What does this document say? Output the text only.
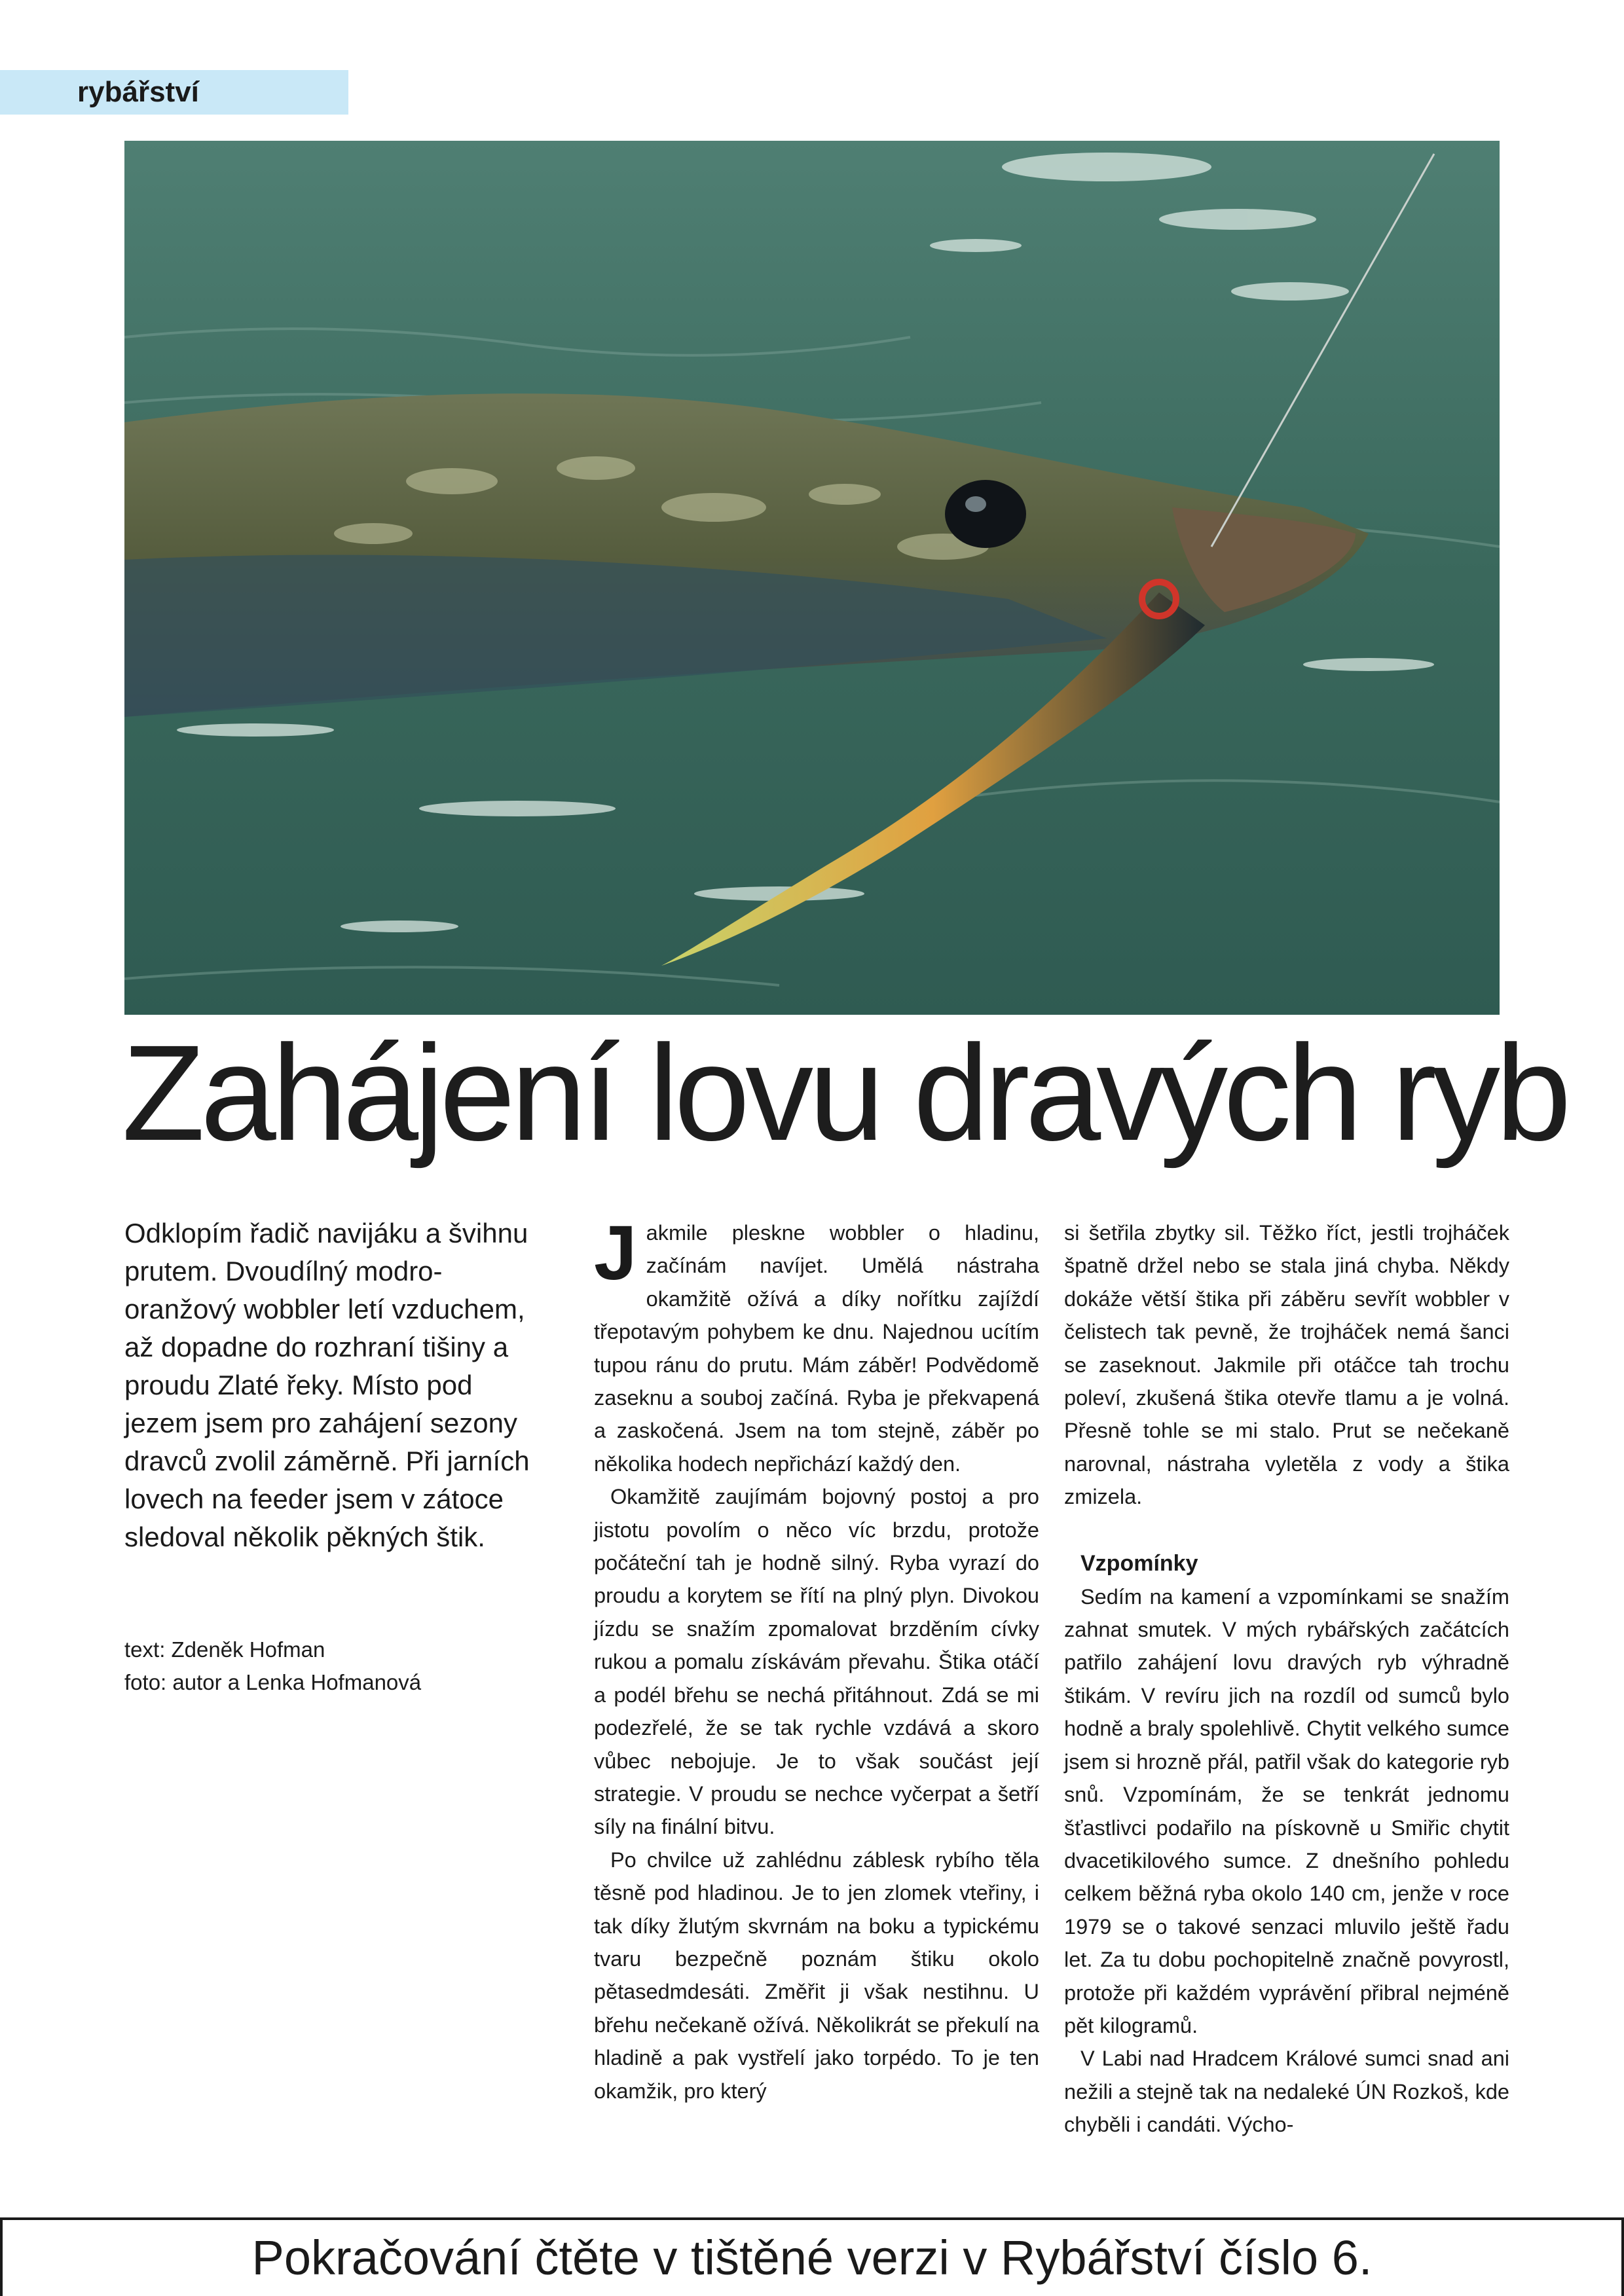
rybářství
Zahájení lovu dravých ryb
Odklopím řadič navijáku a švihnu prutem. Dvoudílný modro-oranžový wobbler letí vzduchem, až dopadne do rozhraní tišiny a proudu Zlaté řeky. Místo pod jezem jsem pro zahájení sezony dravců zvolil záměrně. Při jarních lovech na feeder jsem v zátoce sledoval několik pěkných štik.
text: Zdeněk Hofman
foto: autor a Lenka Hofmanová

Jakmile pleskne wobbler o hladinu, začínám navíjet. Umělá nástraha okamžitě ožívá a díky nořítku zajíždí třepotavým pohybem ke dnu. Najednou ucítím tupou ránu do prutu. Mám záběr! Podvědomě zaseknu a souboj začíná. Ryba je překvapená a zaskočená. Jsem na tom stejně, záběr po několika hodech nepřichází každý den.

Okamžitě zaujímám bojovný postoj a pro jistotu povolím o něco víc brzdu, protože počáteční tah je hodně silný. Ryba vyrazí do proudu a korytem se řítí na plný plyn. Divokou jízdu se snažím zpomalovat brzděním cívky rukou a pomalu získávám převahu. Štika otáčí a podél břehu se nechá přitáhnout. Zdá se mi podezřelé, že se tak rychle vzdává a skoro vůbec nebojuje. Je to však součást její strategie. V proudu se nechce vyčerpat a šetří síly na finální bitvu.

Po chvilce už zahlédnu záblesk rybího těla těsně pod hladinou. Je to jen zlomek vteřiny, i tak díky žlutým skvrnám na boku a typickému tvaru bezpečně poznám štiku okolo pětasedmdesáti. Změřit ji však nestihnu. U břehu nečekaně ožívá. Několikrát se překulí na hladině a pak vystřelí jako torpédo. To je ten okamžik, pro který

si šetřila zbytky sil. Těžko říct, jestli trojháček špatně držel nebo se stala jiná chyba. Někdy dokáže větší štika při záběru sevřít wobbler v čelistech tak pevně, že trojháček nemá šanci se zaseknout. Jakmile při otáčce tah trochu poleví, zkušená štika otevře tlamu a je volná. Přesně tohle se mi stalo. Prut se nečekaně narovnal, nástraha vyletěla z vody a štika zmizela.

Vzpomínky

Sedím na kamení a vzpomínkami se snažím zahnat smutek. V mých rybářských začátcích patřilo zahájení lovu dravých ryb výhradně štikám. V revíru jich na rozdíl od sumců bylo hodně a braly spolehlivě. Chytit velkého sumce jsem si hrozně přál, patřil však do kategorie ryb snů. Vzpomínám, že se tenkrát jednomu šťastlivci podařilo na pískovně u Smiřic chytit dvacetikilového sumce. Z dnešního pohledu celkem běžná ryba okolo 140 cm, jenže v roce 1979 se o takové senzaci mluvilo ještě řadu let. Za tu dobu pochopitelně značně povyrostl, protože při každém vyprávění přibral nejméně pět kilogramů.

V Labi nad Hradcem Králové sumci snad ani nežili a stejně tak na nedaleké ÚN Rozkoš, kde chyběli i candáti. Výcho-

Pokračování čtěte v tištěné verzi v Rybářství číslo 6.
